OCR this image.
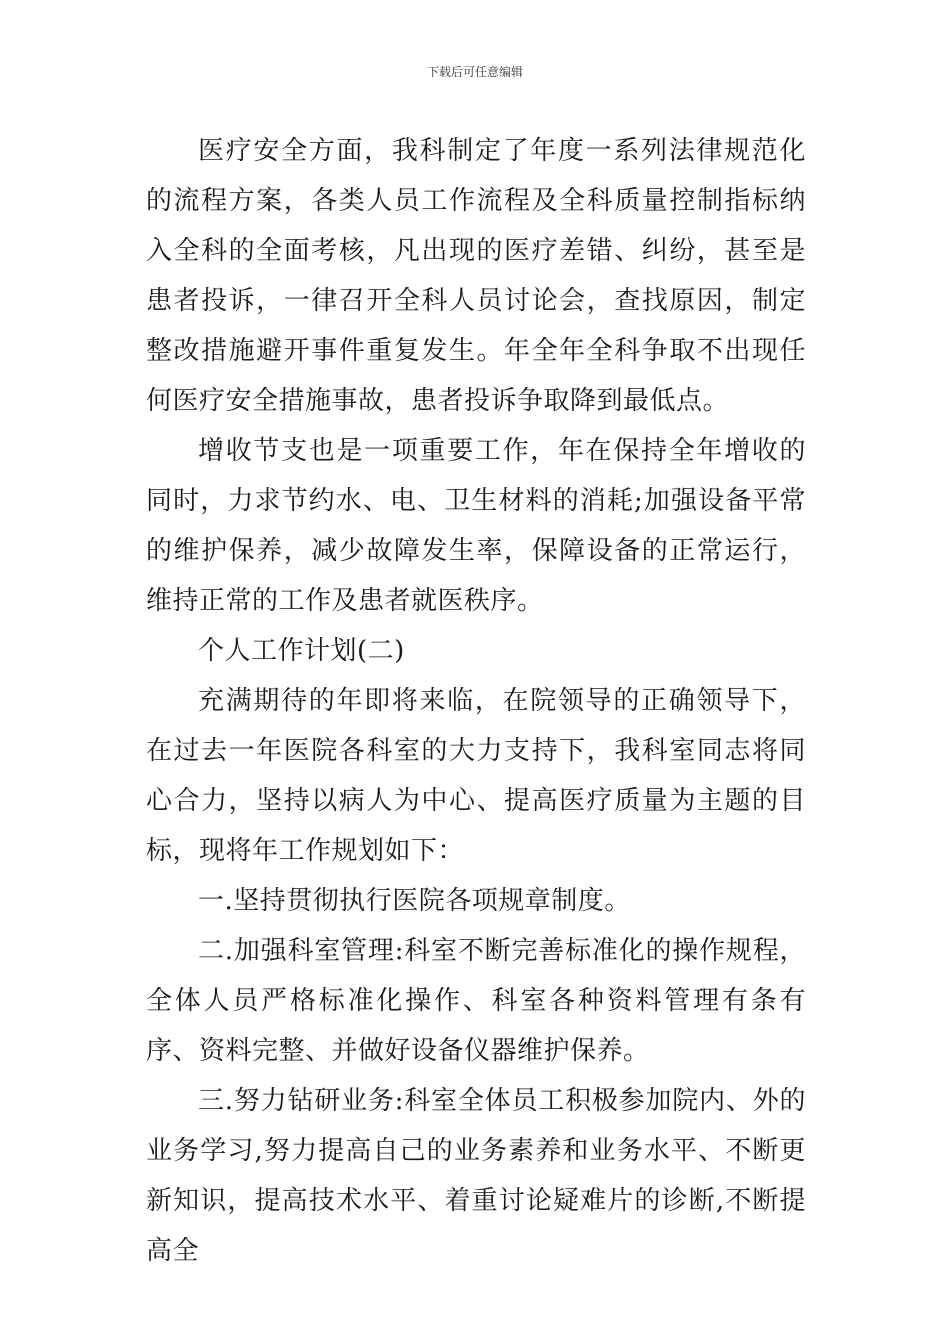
下载后可任意编辑

医疗安全方面，我科制定了年度一系列法律规范化的流程方案，各类人员工作流程及全科质量控制指标纳入全科的全面考核，凡出现的医疗差错、纠纷，甚至是患者投诉，一律召开全科人员讨论会，查找原因，制定整改措施避开事件重复发生。年全年全科争取不出现任何医疗安全措施事故，患者投诉争取降到最低点。

增收节支也是一项重要工作，年在保持全年增收的同时，力求节约水、电、卫生材料的消耗;加强设备平常的维护保养，减少故障发生率，保障设备的正常运行，维持正常的工作及患者就医秩序。

个人工作计划(二)

充满期待的年即将来临，在院领导的正确领导下，在过去一年医院各科室的大力支持下，我科室同志将同心合力，坚持以病人为中心、提高医疗质量为主题的目标，现将年工作规划如下：

一.坚持贯彻执行医院各项规章制度。

二.加强科室管理:科室不断完善标准化的操作规程，全体人员严格标准化操作、科室各种资料管理有条有序、资料完整、并做好设备仪器维护保养。

三.努力钻研业务:科室全体员工积极参加院内、外的业务学习,努力提高自己的业务素养和业务水平、不断更新知识，提高技术水平、着重讨论疑难片的诊断,不断提高全
